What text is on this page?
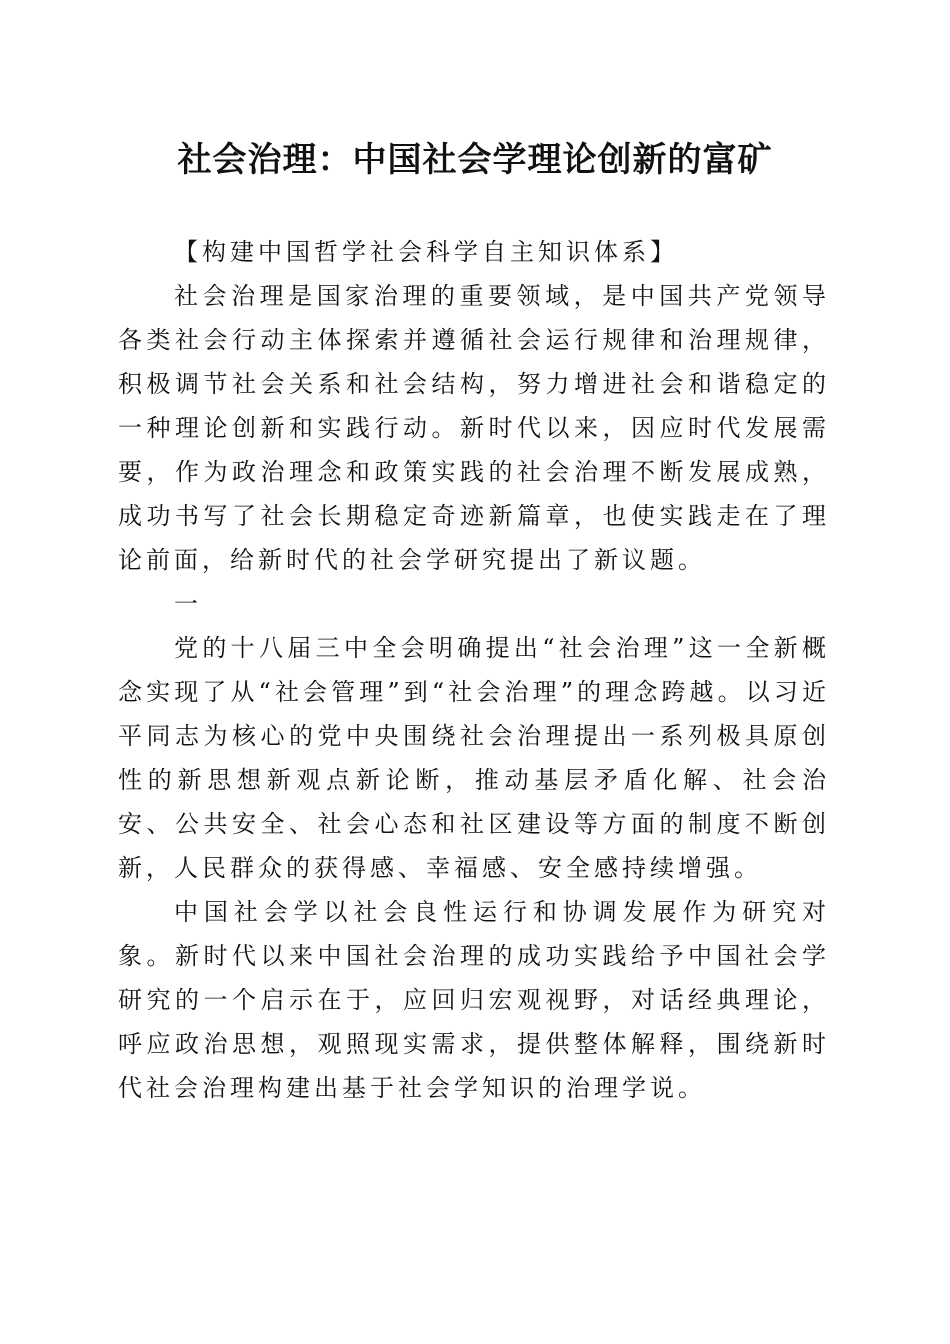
社会治理：中国社会学理论创新的富矿

【构建中国哲学社会科学自主知识体系】

社会治理是国家治理的重要领域，是中国共产党领导各类社会行动主体探索并遵循社会运行规律和治理规律，积极调节社会关系和社会结构，努力增进社会和谐稳定的一种理论创新和实践行动。新时代以来，因应时代发展需要，作为政治理念和政策实践的社会治理不断发展成熟，成功书写了社会长期稳定奇迹新篇章，也使实践走在了理论前面，给新时代的社会学研究提出了新议题。

一

党的十八届三中全会明确提出“社会治理”这一全新概念实现了从“社会管理”到“社会治理”的理念跨越。以习近平同志为核心的党中央围绕社会治理提出一系列极具原创性的新思想新观点新论断，推动基层矛盾化解、社会治安、公共安全、社会心态和社区建设等方面的制度不断创新，人民群众的获得感、幸福感、安全感持续增强。

中国社会学以社会良性运行和协调发展作为研究对象。新时代以来中国社会治理的成功实践给予中国社会学研究的一个启示在于，应回归宏观视野，对话经典理论，呼应政治思想，观照现实需求，提供整体解释，围绕新时代社会治理构建出基于社会学知识的治理学说。
